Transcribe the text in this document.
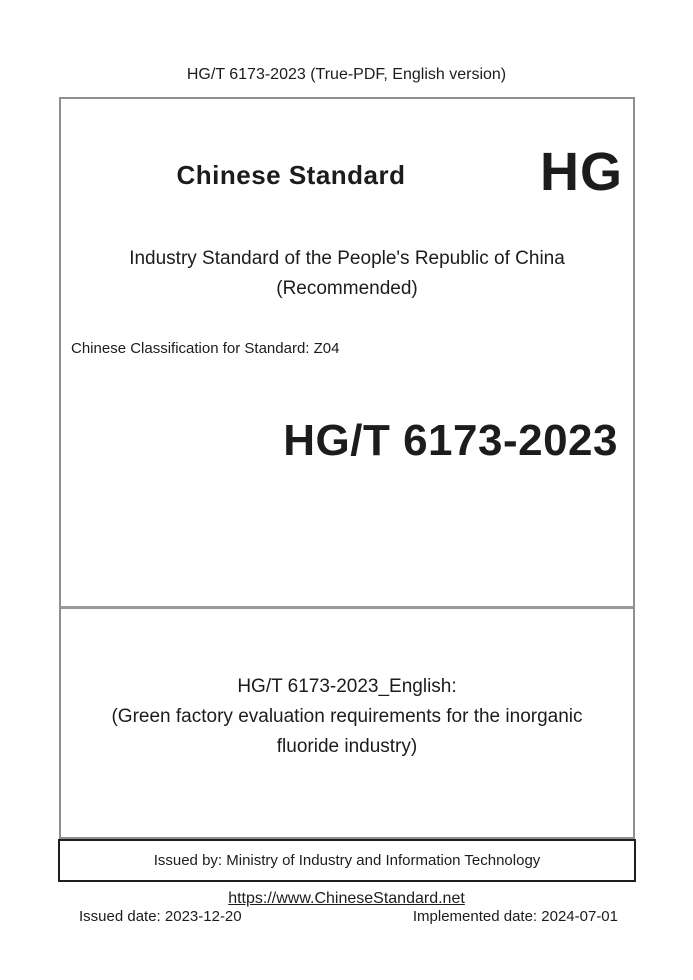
HG/T 6173-2023 (True-PDF, English version)
Chinese Standard	HG
Industry Standard of the People's Republic of China
(Recommended)
Chinese Classification for Standard: Z04
HG/T 6173-2023
HG/T 6173-2023_English:
(Green factory evaluation requirements for the inorganic fluoride industry)
Issued date: 2023-12-20	Implemented date: 2024-07-01
Issued by: Ministry of Industry and Information Technology
https://www.ChineseStandard.net
